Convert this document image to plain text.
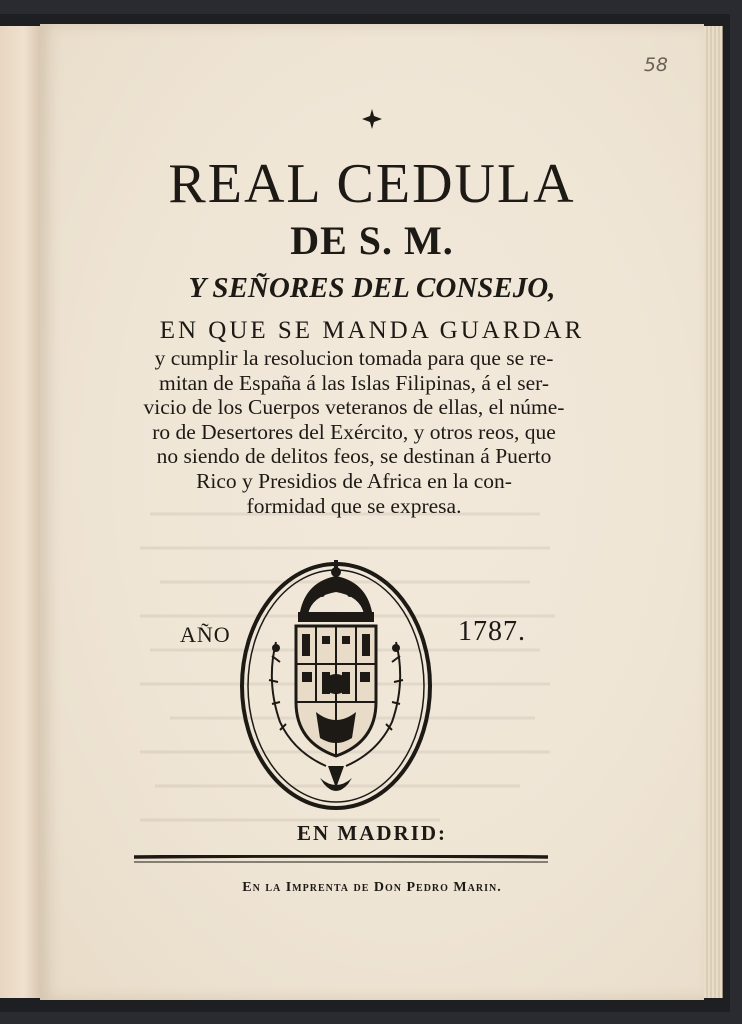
58
REAL CEDULA
DE S. M.
Y SEÑORES DEL CONSEJO,
EN QUE SE MANDA GUARDAR
y cumplir la resolucion tomada para que se re-
mitan de España á las Islas Filipinas, á el ser-
vicio de los Cuerpos veteranos de ellas, el núme-
ro de Desertores del Exército, y otros reos, que
no siendo de delitos feos, se destinan á Puerto
Rico y Presidios de Africa en la con-
formidad que se expresa.
AÑO	1787.
EN MADRID:
En la Imprenta de Don Pedro Marin.
